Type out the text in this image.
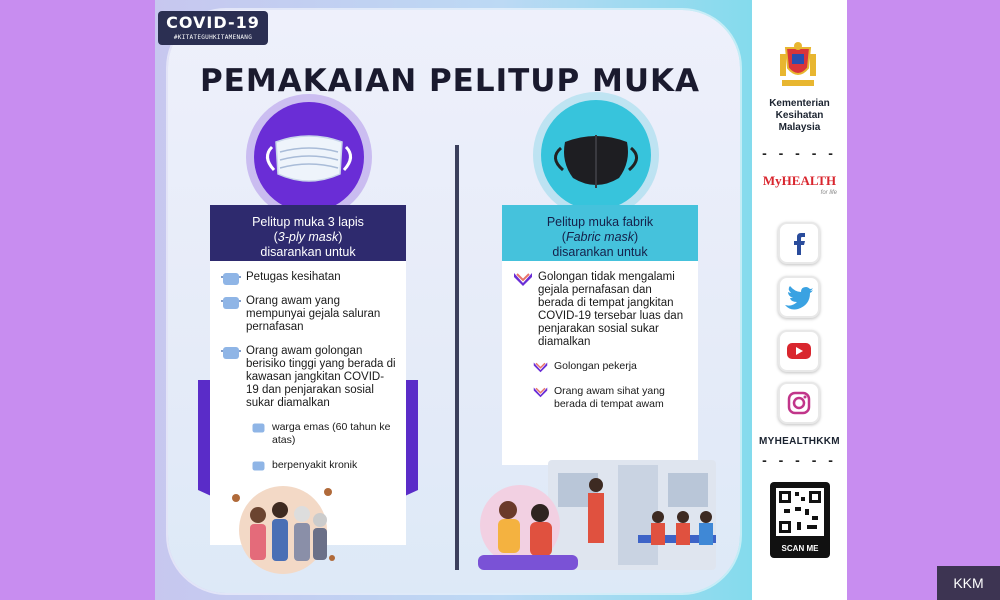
COVID-19
#KITATEGUHKITAMENANG
PEMAKAIAN PELITUP MUKA
Pelitup muka 3 lapis
(3-ply mask)
disarankan untuk
Petugas kesihatan
Orang awam yang mempunyai gejala saluran pernafasan
Orang awam golongan berisiko tinggi yang berada di kawasan jangkitan COVID-19 dan penjarakan sosial sukar diamalkan
warga emas (60 tahun ke atas)
berpenyakit kronik
Pelitup muka fabrik
(Fabric mask)
disarankan untuk
Golongan tidak mengalami gejala pernafasan dan berada di tempat jangkitan COVID-19 tersebar luas dan penjarakan sosial sukar diamalkan
Golongan pekerja
Orang awam sihat yang berada di tempat awam
Kementerian
Kesihatan
Malaysia
- - - - -
MyHEALTH
for life
MYHEALTHKKM
- - - - -
SCAN ME
KKM
